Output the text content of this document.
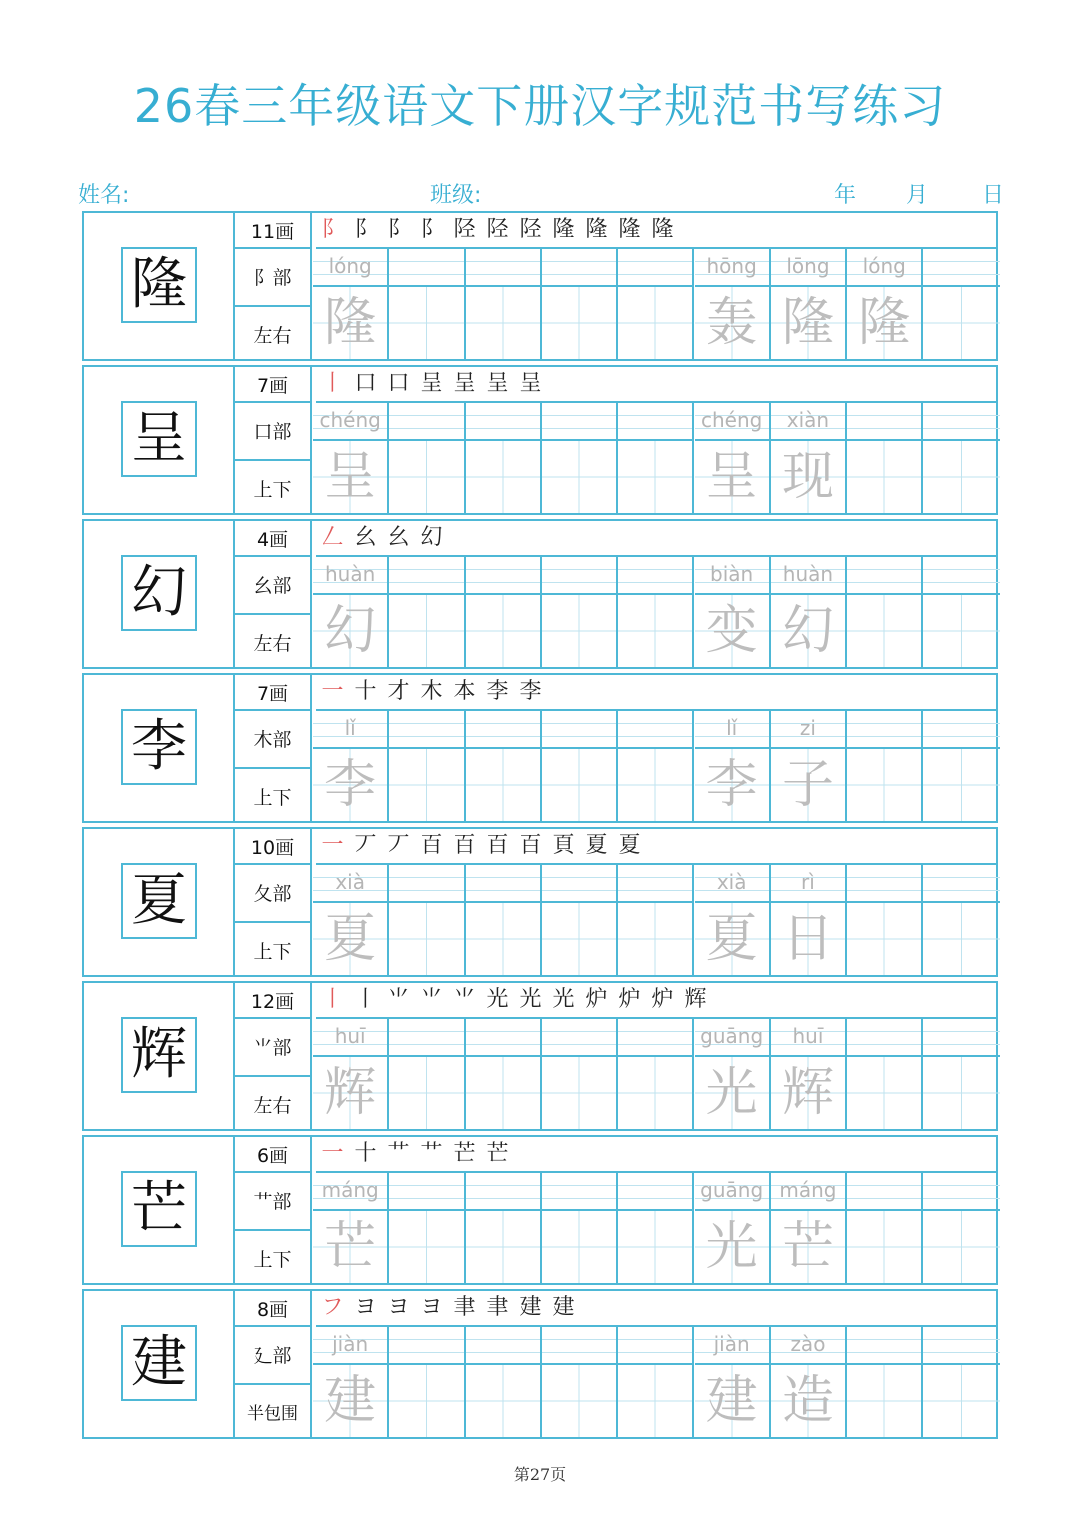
26春三年级语文下册汉字规范书写练习
姓名:	班级:	年 月 日
隆
11画
阝部
左右
阝 阝 阝 阝 陉 陉 陉 隆 隆 隆 隆
lóng
隆
hōng
轰
lōng
隆
lóng
隆
呈
7画
口部
上下
丨 口 口 呈 呈 呈 呈
chéng
呈
chéng
呈
xiàn
现
幻
4画
幺部
左右
𠃋 幺 幺 幻
huàn
幻
biàn
变
huàn
幻
李
7画
木部
上下
一 十 才 木 本 李 李
lǐ
李
lǐ
李
zi
子
夏
10画
夂部
上下
一 丆 丆 百 百 百 百 頁 夏 夏
xià
夏
xià
夏
rì
日
辉
12画
⺌部
左右
丨 丨 ⺌ ⺌ ⺌ 光 光 光 炉 炉 炉 辉
huī
辉
guāng
光
huī
辉
芒
6画
艹部
上下
一 十 艹 艹 芒 芒
máng
芒
guāng
光
máng
芒
建
8画
廴部
半包围
フ ヨ ヨ ヨ 聿 聿 建 建
jiàn
建
jiàn
建
zào
造
第27页
